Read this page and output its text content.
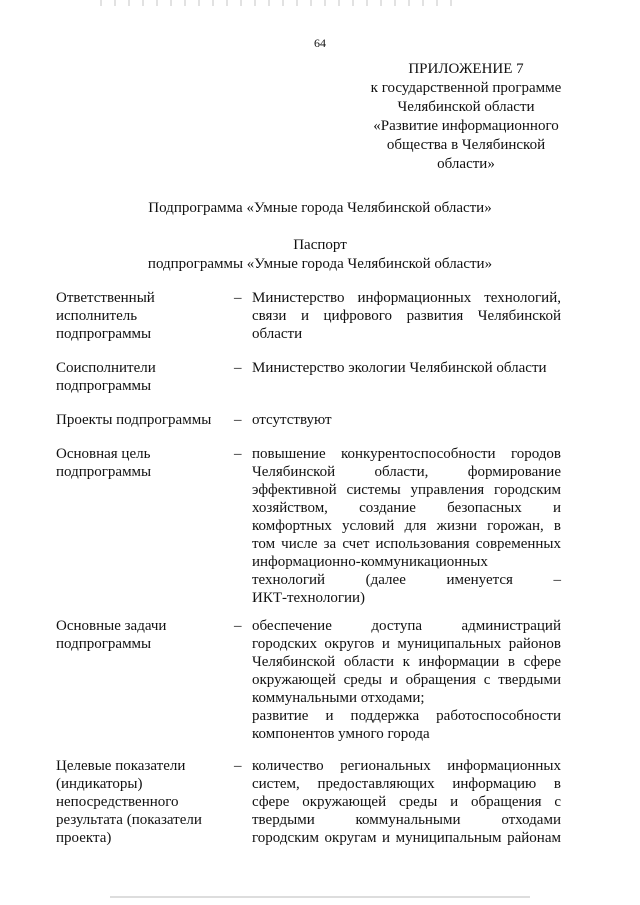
64
ПРИЛОЖЕНИЕ 7
к государственной программе
Челябинской области
«Развитие информационного
общества в Челябинской
области»
Подпрограмма «Умные города Челябинской области»
Паспорт
подпрограммы «Умные города Челябинской области»
Ответственный
исполнитель
подпрограммы
– Министерство информационных технологий,
связи и цифрового развития Челябинской
области
Соисполнители
подпрограммы
– Министерство экологии Челябинской области
Проекты подпрограммы	– отсутствуют
Основная цель
подпрограммы
– повышение конкурентоспособности городов
Челябинской области, формирование
эффективной системы управления городским
хозяйством, создание безопасных и
комфортных условий для жизни горожан, в
том числе за счет использования современных
информационно-коммуникационных
технологий (далее именуется –
ИКТ-технологии)
Основные задачи
подпрограммы
– обеспечение доступа администраций
городских округов и муниципальных районов
Челябинской области к информации в сфере
окружающей среды и обращения с твердыми
коммунальными отходами;
развитие и поддержка работоспособности
компонентов умного города
Целевые показатели
(индикаторы)
непосредственного
результата (показатели
проекта)
– количество региональных информационных
систем, предоставляющих информацию в
сфере окружающей среды и обращения с
твердыми коммунальными отходами
городским округам и муниципальным районам
